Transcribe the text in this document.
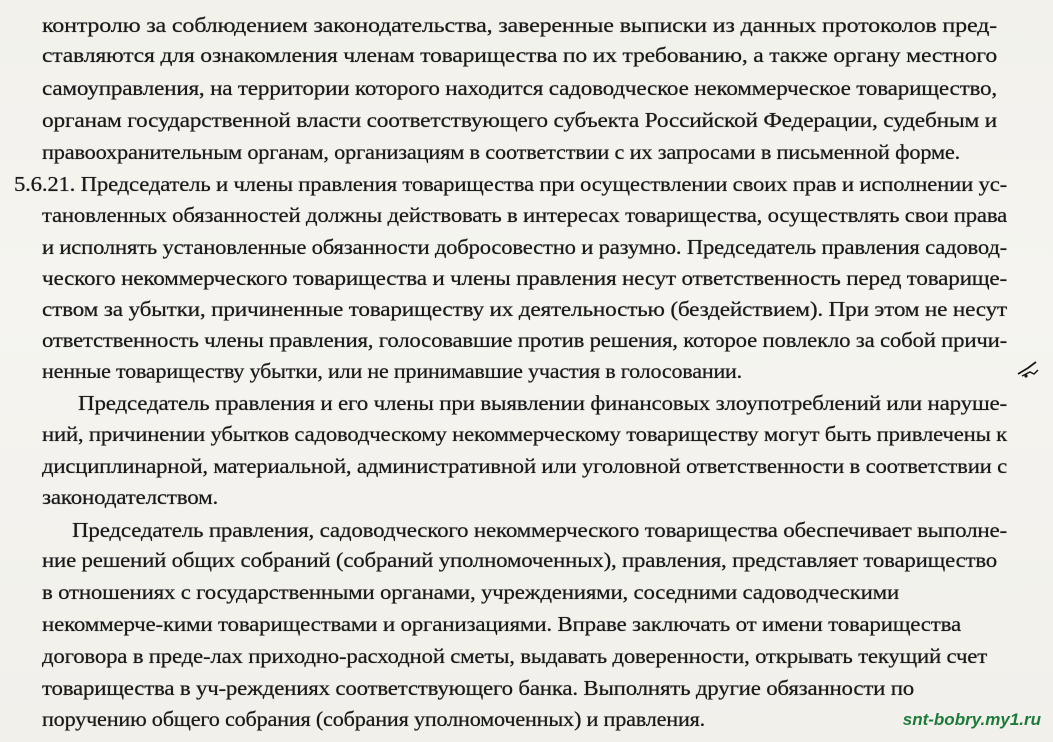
контролю за соблюдением законодательства, заверенные выписки из данных протоколов пред-
ставляются для ознакомления членам товарищества по их требованию, а также органу местного
самоуправления, на территории которого находится садоводческое некоммерческое товарищество,
органам государственной власти соответствующего субъекта Российской Федерации, судебным и
правоохранительным органам, организациям в соответствии с их запросами в письменной форме.
5.6.21. Председатель и члены правления товарищества при осуществлении своих прав и исполнении ус-
тановленных обязанностей должны действовать в интересах товарищества, осуществлять свои права
и исполнять установленные обязанности добросовестно и разумно. Председатель правления садовод-
ческого некоммерческого товарищества и члены правления несут ответственность перед товарище-
ством за убытки, причиненные товариществу их деятельностью (бездействием). При этом не несут
ответственность члены правления, голосовавшие против решения, которое повлекло за собой причи-
ненные товариществу убытки, или не принимавшие участия в голосовании.
Председатель правления и его члены при выявлении финансовых злоупотреблений или наруше-
ний, причинении убытков садоводческому некоммерческому товариществу могут быть привлечены к
дисциплинарной, материальной, административной или уголовной ответственности в соответствии с
законодателством.
Председатель правления, садоводческого некоммерческого товарищества обеспечивает выполне-
ние решений общих собраний (собраний уполномоченных), правления, представляет товарищество
в отношениях с государственными органами, учреждениями, соседними садоводческими
некоммерче-кими товариществами и организациями. Вправе заключать от имени товарищества
договора в преде-лах приходно-расходной сметы, выдавать доверенности, открывать текущий счет
товарищества в уч-реждениях соответствующего банка. Выполнять другие обязанности по
поручению общего собрания (собрания уполномоченных) и правления.	snt-bobry.my1.ru
